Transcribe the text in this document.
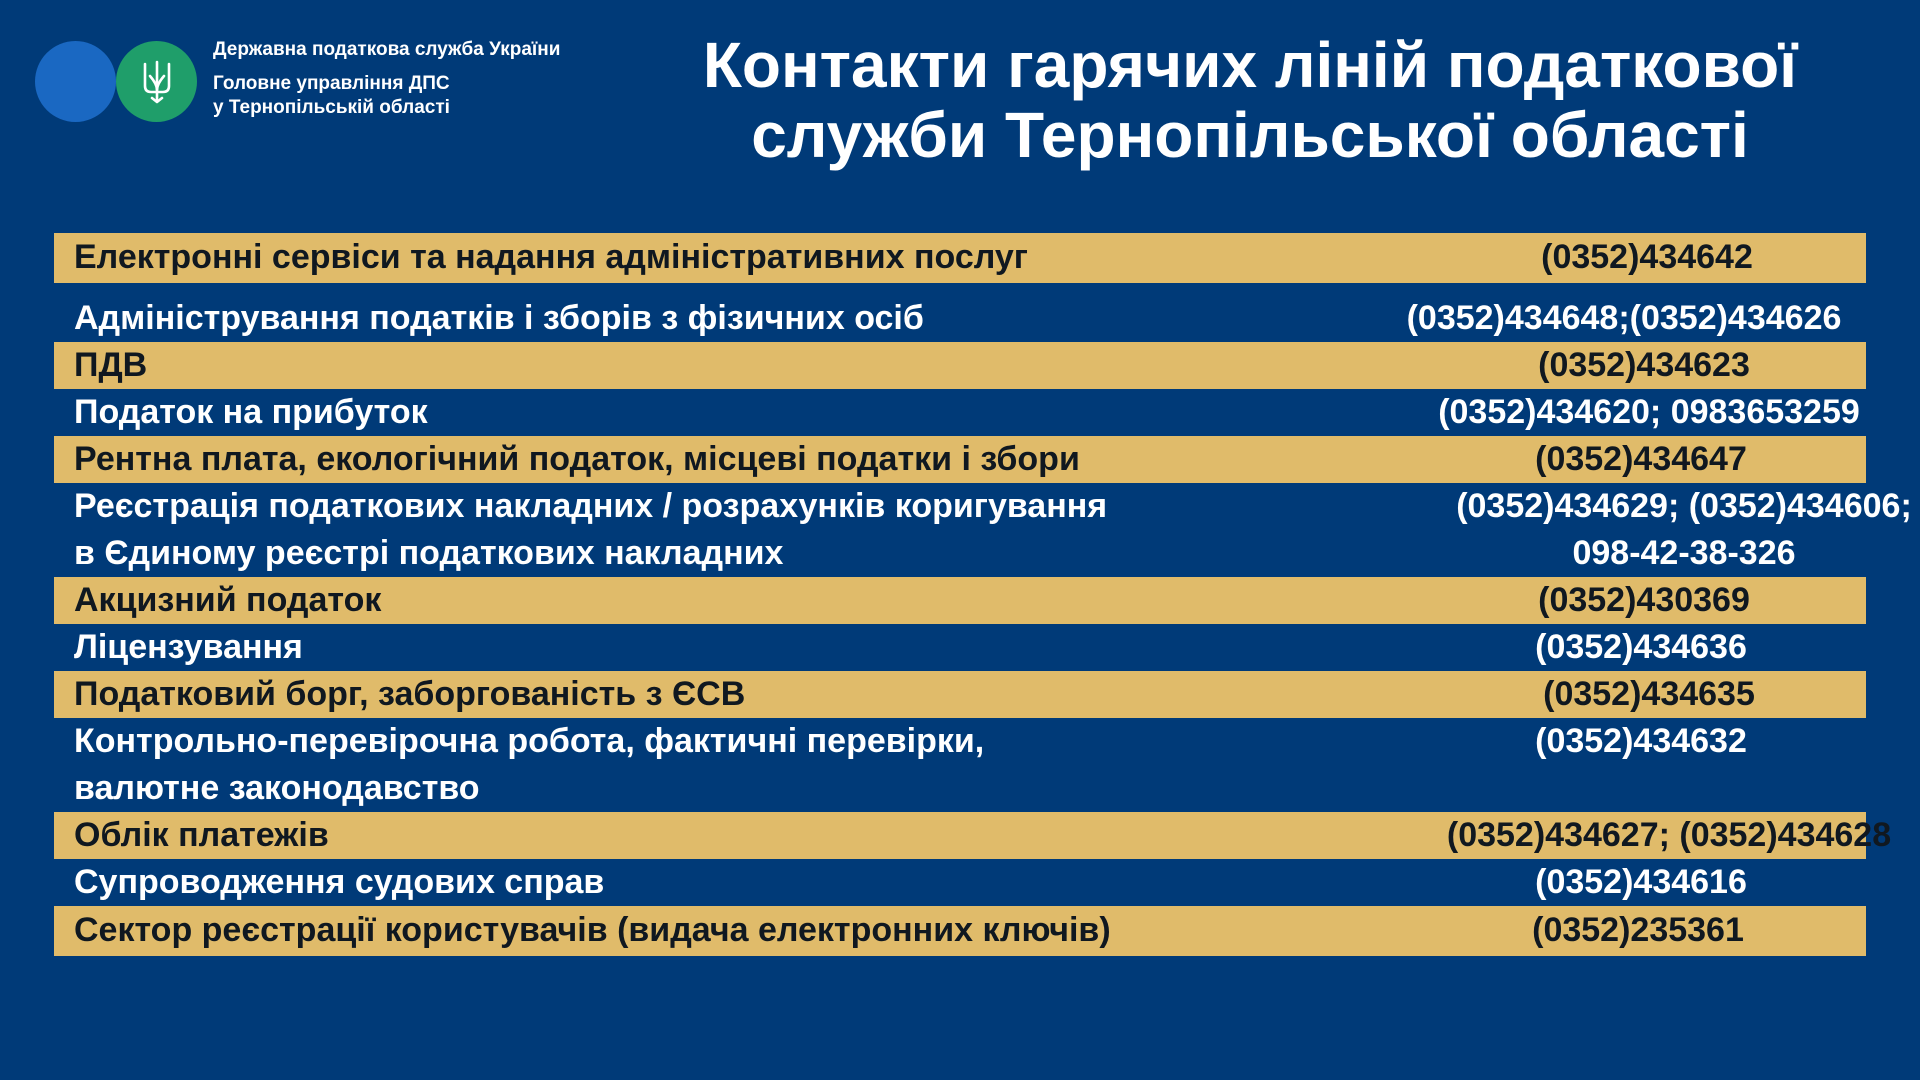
Державна податкова служба України
Головне управління ДПС
у Тернопільській області
Контакти гарячих ліній податкової
служби Тернопільської області
Електронні сервіси та надання адміністративних послуг	(0352)434642
Адміністрування податків і зборів з фізичних осіб	(0352)434648;(0352)434626
ПДВ	(0352)434623
Податок на прибуток	(0352)434620; 0983653259
Рентна плата, екологічний податок, місцеві податки і збори	(0352)434647
Реєстрація податкових накладних / розрахунків коригування
в Єдиному реєстрі податкових накладних
(0352)434629; (0352)434606;
098-42-38-326
Акцизний податок	(0352)430369
Ліцензування	(0352)434636
Податковий борг, заборгованість з ЄСВ	(0352)434635
Контрольно-перевірочна робота, фактичні перевірки,
валютне законодавство
(0352)434632
Облік платежів	(0352)434627; (0352)434628
Супроводження судових справ	(0352)434616
Сектор реєстрації користувачів (видача електронних ключів)	(0352)235361
